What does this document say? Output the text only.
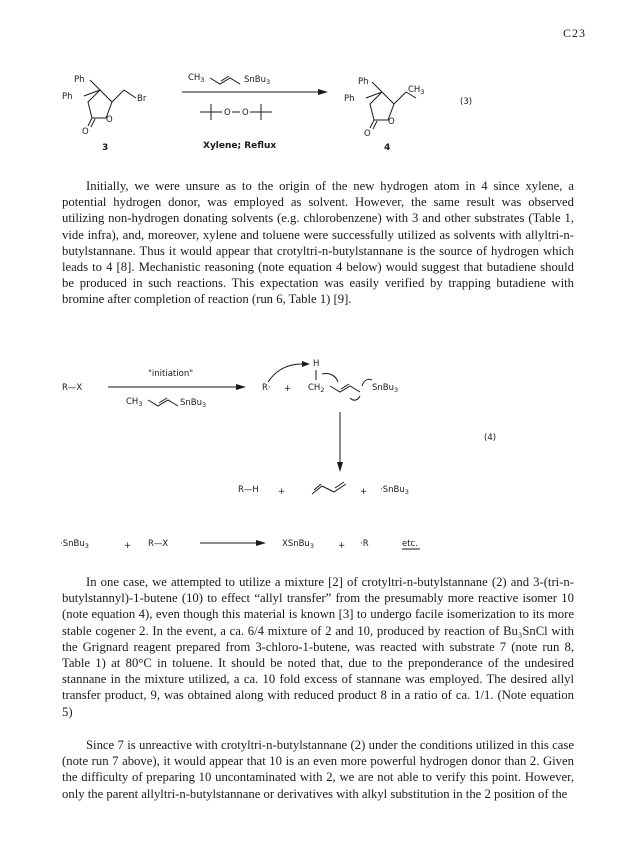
C23
Ph
Ph	Br
O
O
3
$CH_3$	SnBu$_3$
O O
Xylene; Reflux
Ph
Ph
$CH_3$
O
O
4
(3)

Initially, we were unsure as to the origin of the new hydrogen atom in 4 since xylene, a potential hydrogen donor, was employed as solvent. However, the same result was observed utilizing non-hydrogen donating solvents (e.g. chlorobenzene) with 3 and other substrates (Table 1, vide infra), and, moreover, xylene and toluene were successfully utilized as solvents with allyltri-n-butylstannane. Thus it would appear that crotyltri-n-butylstannane is the source of hydrogen which leads to 4 [8]. Mechanistic reasoning (note equation 4 below) would suggest that butadiene should be produced in such reactions. This expectation was easily verified by trapping butadiene with bromine after completion of reaction (run 6, Table 1) [9].

R—X
"initiation"
$CH_3$	SnBu$_3$
R· +
H
$CH_2$	SnBu$_3$
(4)
R—H +	+ ·SnBu$_3$
·SnBu$_3$	+ R—X	XSnBu$_3$	+ ·R	etc.

In one case, we attempted to utilize a mixture [2] of crotyltri-n-butylstannane (2) and 3-(tri-n-butylstannyl)-1-butene (10) to effect “allyl transfer” from the presumably more reactive isomer 10 (note equation 4), even though this material is known [3] to undergo facile isomerization to its more stable cogener 2. In the event, a ca. 6/4 mixture of 2 and 10, produced by reaction of Bu₃SnCl with the Grignard reagent prepared from 3-chloro-1-butene, was reacted with substrate 7 (note run 8, Table 1) at 80°C in toluene. It should be noted that, due to the preponderance of the undesired stannane in the mixture utilized, a ca. 10 fold excess of stannane was employed. The desired allyl transfer product, 9, was obtained along with reduced product 8 in a ratio of ca. 1/1. (Note equation 5)

Since 7 is unreactive with crotyltri-n-butylstannane (2) under the conditions utilized in this case (note run 7 above), it would appear that 10 is an even more powerful hydrogen donor than 2. Given the difficulty of preparing 10 uncontaminated with 2, we are not able to verify this point. However, only the parent allyltri-n-butylstannane or derivatives with alkyl substitution in the 2 position of the
